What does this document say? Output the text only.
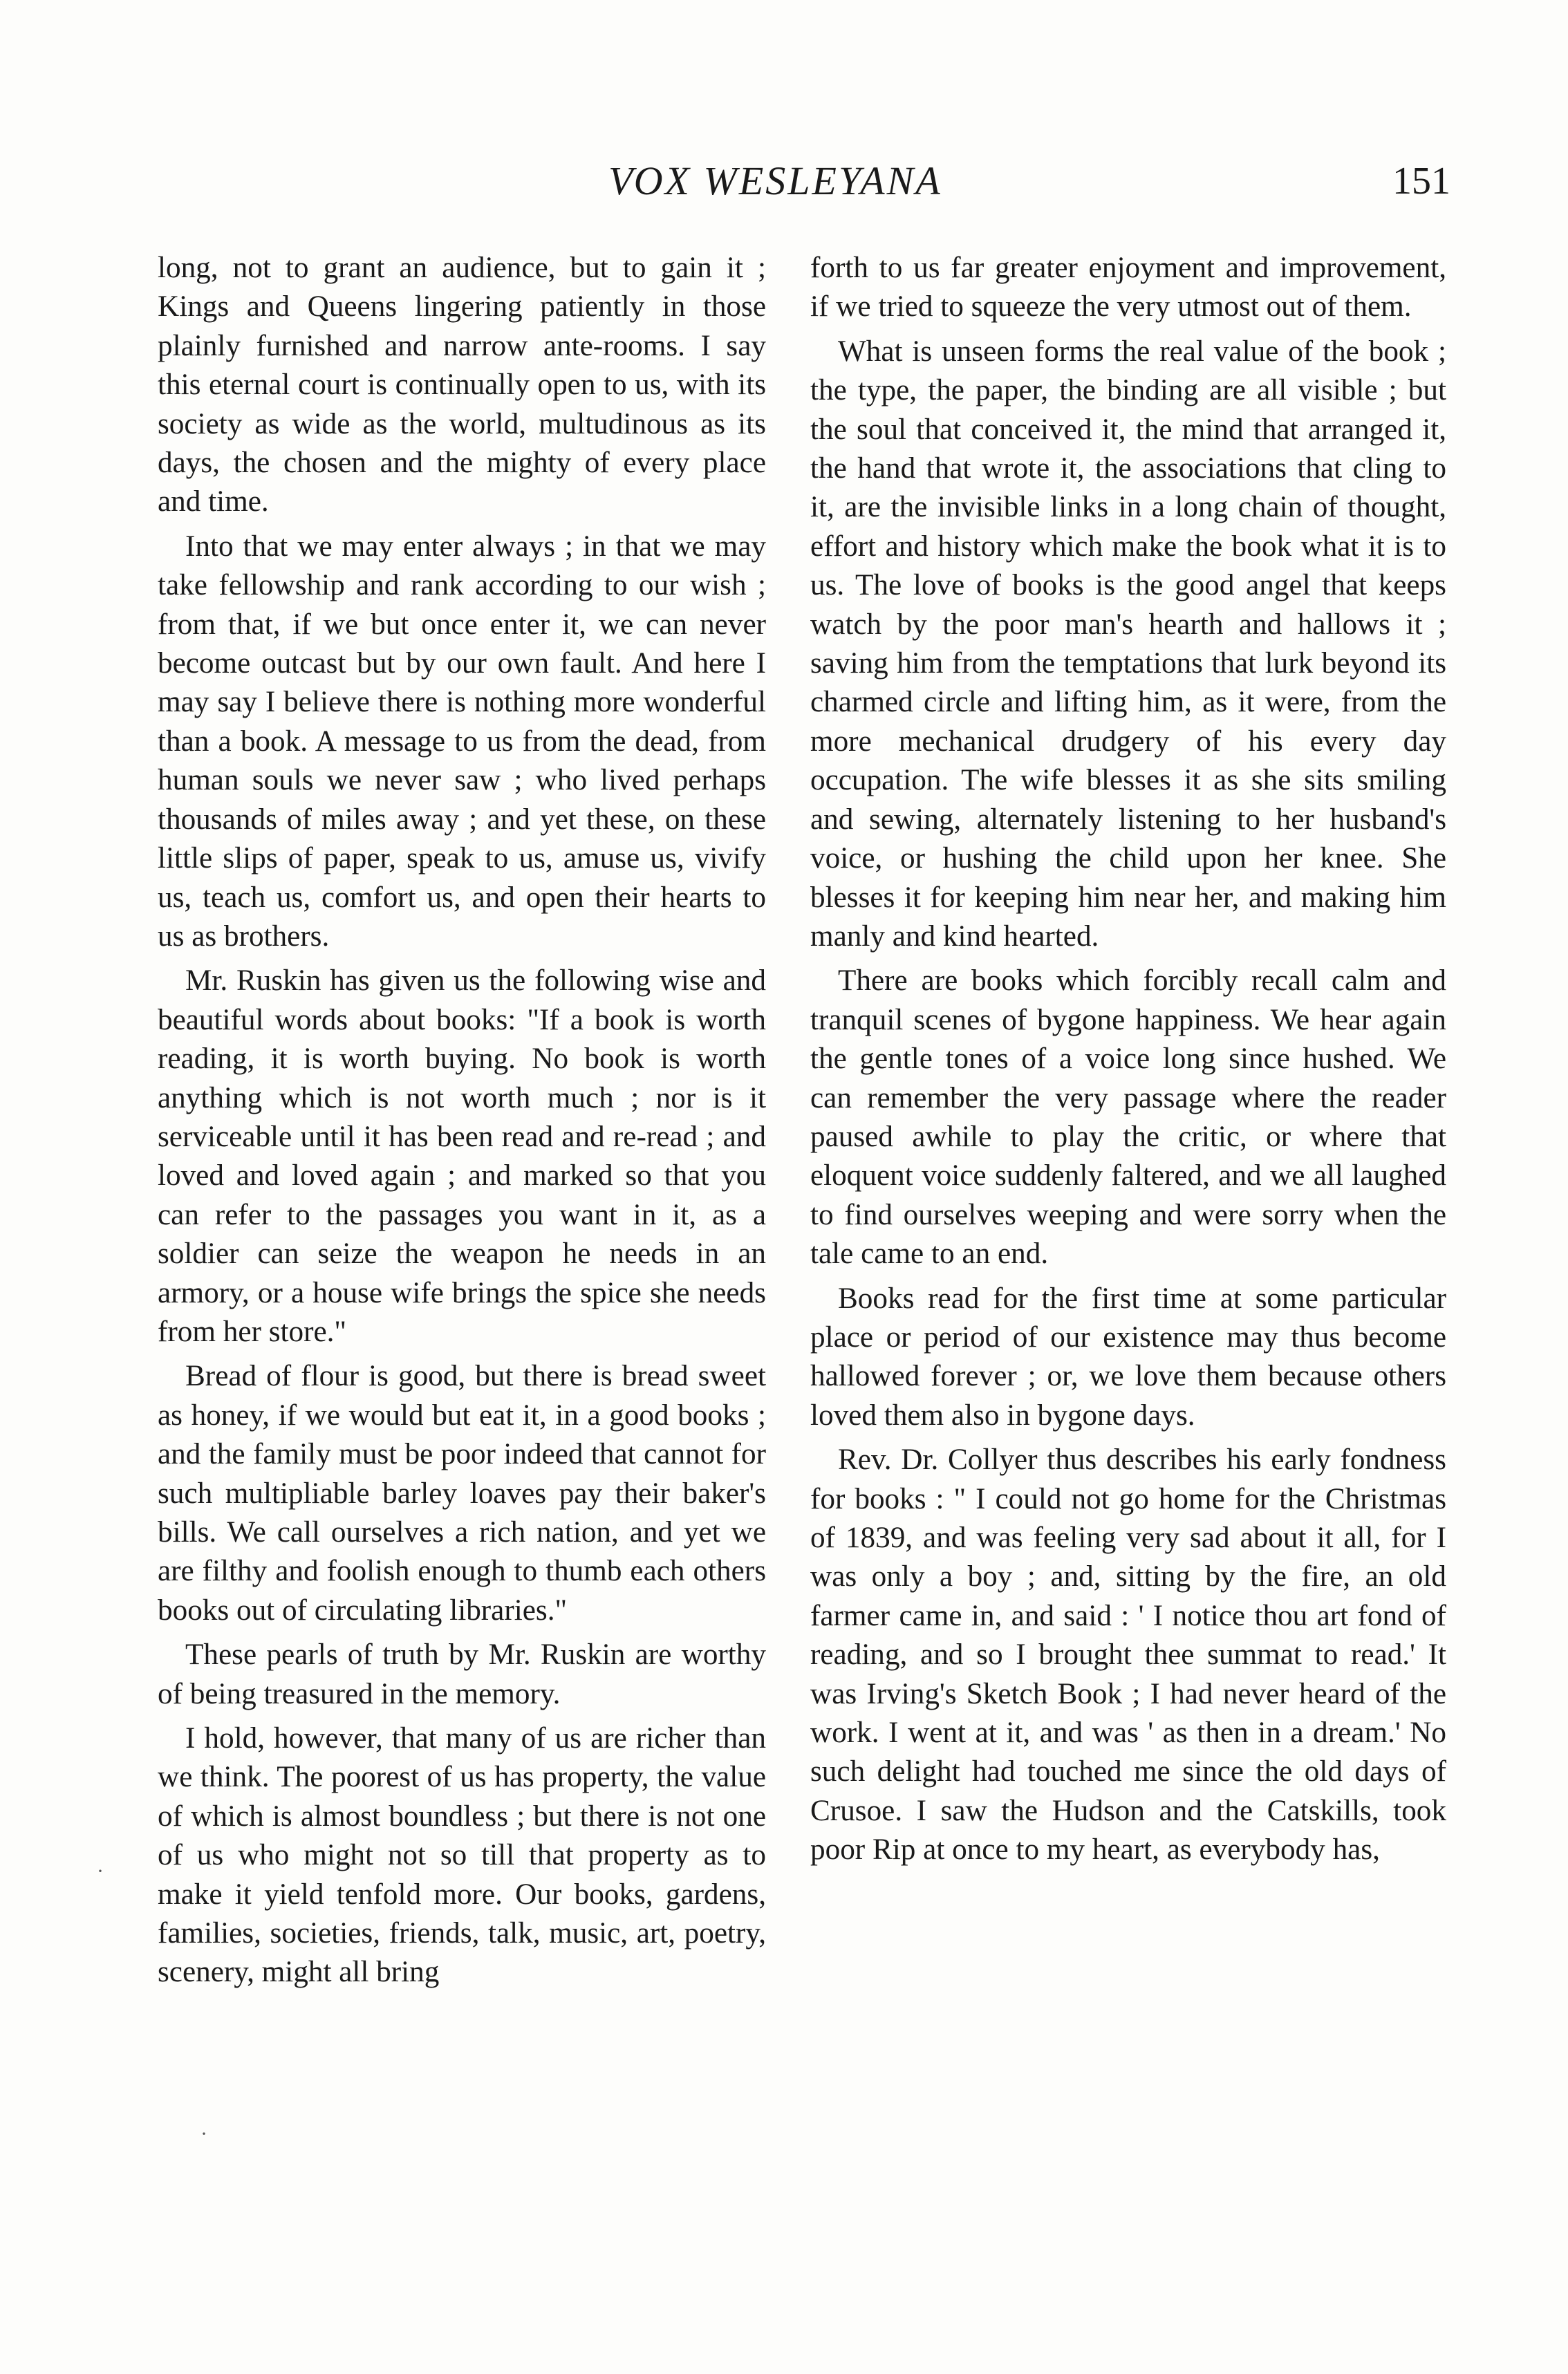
VOX WESLEYANA	151

long, not to grant an audience, but to gain it ; Kings and Queens lingering patiently in those plainly furnished and narrow ante-rooms. I say this eternal court is continually open to us, with its society as wide as the world, multudinous as its days, the chosen and the mighty of every place and time.

Into that we may enter always ; in that we may take fellowship and rank according to our wish ; from that, if we but once enter it, we can never become outcast but by our own fault. And here I may say I believe there is nothing more wonderful than a book. A message to us from the dead, from human souls we never saw ; who lived perhaps thousands of miles away ; and yet these, on these little slips of paper, speak to us, amuse us, vivify us, teach us, comfort us, and open their hearts to us as brothers.

Mr. Ruskin has given us the following wise and beautiful words about books: "If a book is worth reading, it is worth buying. No book is worth anything which is not worth much ; nor is it serviceable until it has been read and re-read ; and loved and loved again ; and marked so that you can refer to the passages you want in it, as a soldier can seize the weapon he needs in an armory, or a house wife brings the spice she needs from her store."

Bread of flour is good, but there is bread sweet as honey, if we would but eat it, in a good books ; and the family must be poor indeed that cannot for such multipliable barley loaves pay their baker's bills. We call ourselves a rich nation, and yet we are filthy and foolish enough to thumb each others books out of circulating libraries."

These pearls of truth by Mr. Ruskin are worthy of being treasured in the memory.

I hold, however, that many of us are richer than we think. The poorest of us has property, the value of which is almost boundless ; but there is not one of us who might not so till that property as to make it yield tenfold more. Our books, gardens, families, societies, friends, talk, music, art, poetry, scenery, might all bring

forth to us far greater enjoyment and improvement, if we tried to squeeze the very utmost out of them.

What is unseen forms the real value of the book ; the type, the paper, the binding are all visible ; but the soul that conceived it, the mind that arranged it, the hand that wrote it, the associations that cling to it, are the invisible links in a long chain of thought, effort and history which make the book what it is to us. The love of books is the good angel that keeps watch by the poor man's hearth and hallows it ; saving him from the temptations that lurk beyond its charmed circle and lifting him, as it were, from the more mechanical drudgery of his every day occupation. The wife blesses it as she sits smiling and sewing, alternately listening to her husband's voice, or hushing the child upon her knee. She blesses it for keeping him near her, and making him manly and kind hearted.

There are books which forcibly recall calm and tranquil scenes of bygone happiness. We hear again the gentle tones of a voice long since hushed. We can remember the very passage where the reader paused awhile to play the critic, or where that eloquent voice suddenly faltered, and we all laughed to find ourselves weeping and were sorry when the tale came to an end.

Books read for the first time at some particular place or period of our existence may thus become hallowed forever ; or, we love them because others loved them also in bygone days.

Rev. Dr. Collyer thus describes his early fondness for books : " I could not go home for the Christmas of 1839, and was feeling very sad about it all, for I was only a boy ; and, sitting by the fire, an old farmer came in, and said : ' I notice thou art fond of reading, and so I brought thee summat to read.' It was Irving's Sketch Book ; I had never heard of the work. I went at it, and was ' as then in a dream.' No such delight had touched me since the old days of Crusoe. I saw the Hudson and the Catskills, took poor Rip at once to my heart, as everybody has,

·
·
